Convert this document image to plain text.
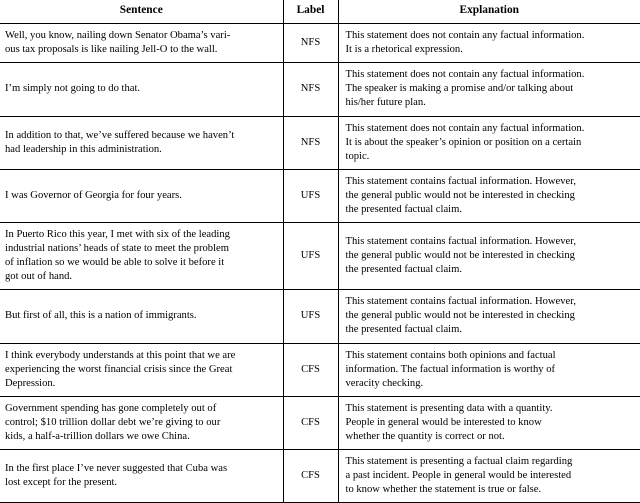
Sentence	Label	Explanation

Well, you know, nailing down Senator Obama’s vari-
ous tax proposals is like nailing Jell-O to the wall.	NFS	This statement does not contain any factual information.
It is a rhetorical expression.

I’m simply not going to do that.	NFS	This statement does not contain any factual information.
The speaker is making a promise and/or talking about
his/her future plan.

In addition to that, we’ve suffered because we haven’t
had leadership in this administration.	NFS	This statement does not contain any factual information.
It is about the speaker’s opinion or position on a certain
topic.

I was Governor of Georgia for four years.	UFS	This statement contains factual information. However,
the general public would not be interested in checking
the presented factual claim.

In Puerto Rico this year, I met with six of the leading
industrial nations’ heads of state to meet the problem
of inflation so we would be able to solve it before it
got out of hand.	UFS	This statement contains factual information. However,
the general public would not be interested in checking
the presented factual claim.

But first of all, this is a nation of immigrants.	UFS	This statement contains factual information. However,
the general public would not be interested in checking
the presented factual claim.

I think everybody understands at this point that we are
experiencing the worst financial crisis since the Great
Depression.	CFS	This statement contains both opinions and factual
information. The factual information is worthy of
veracity checking.

Government spending has gone completely out of
control; $10 trillion dollar debt we’re giving to our
kids, a half-a-trillion dollars we owe China.	CFS	This statement is presenting data with a quantity.
People in general would be interested to know
whether the quantity is correct or not.

In the first place I’ve never suggested that Cuba was
lost except for the present.	CFS	This statement is presenting a factual claim regarding
a past incident. People in general would be interested
to know whether the statement is true or false.
